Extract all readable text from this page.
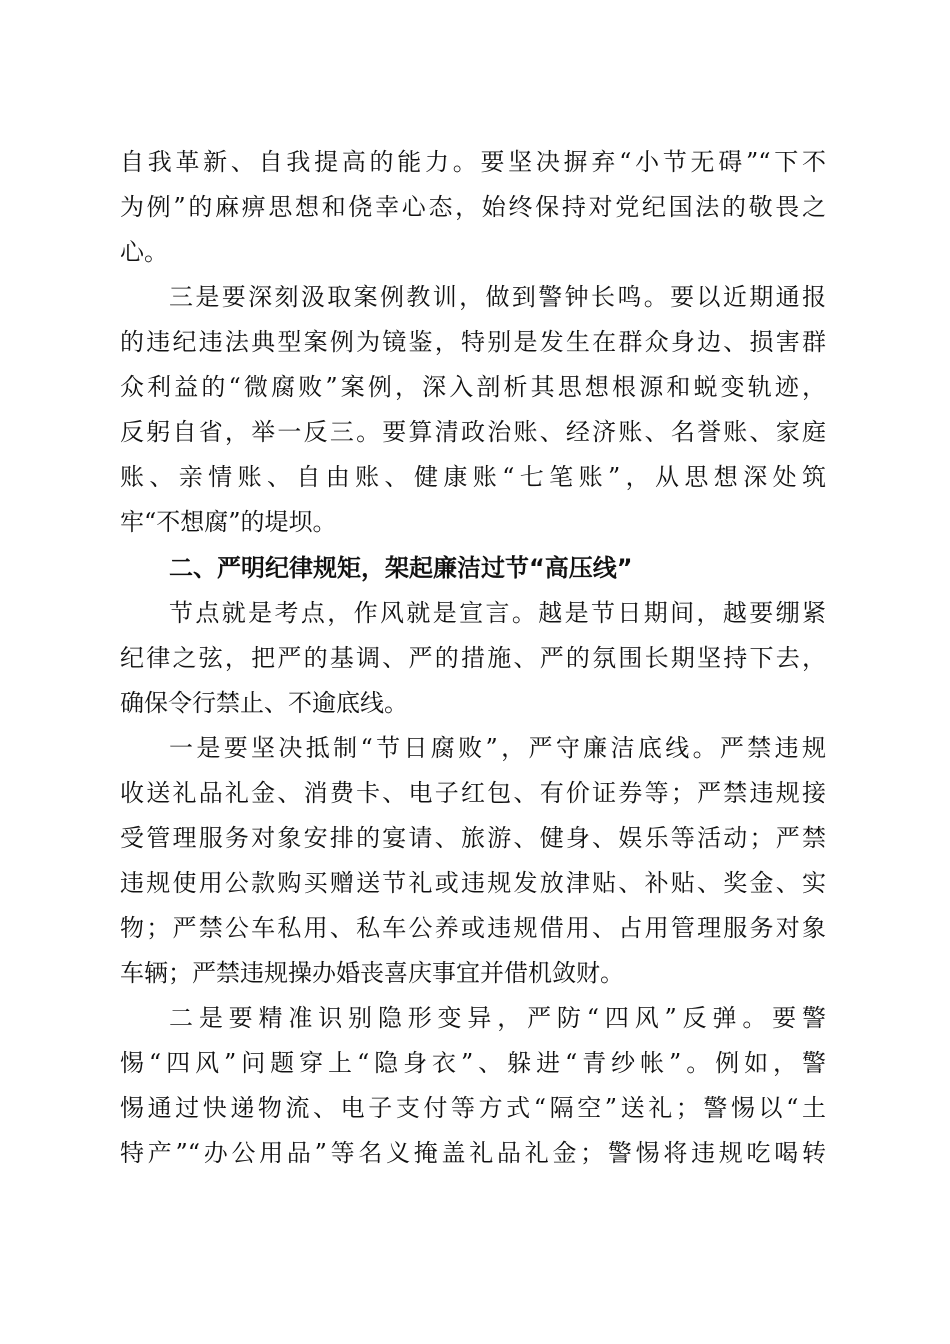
自我革新、自我提高的能力。要坚决摒弃“小节无碍”“下不

为例”的麻痹思想和侥幸心态，始终保持对党纪国法的敬畏之

心。

三是要深刻汲取案例教训，做到警钟长鸣。要以近期通报

的违纪违法典型案例为镜鉴，特别是发生在群众身边、损害群

众利益的“微腐败”案例，深入剖析其思想根源和蜕变轨迹，

反躬自省，举一反三。要算清政治账、经济账、名誉账、家庭

账、亲情账、自由账、健康账“七笔账”，从思想深处筑

牢“不想腐”的堤坝。

二、严明纪律规矩，架起廉洁过节“高压线”

节点就是考点，作风就是宣言。越是节日期间，越要绷紧

纪律之弦，把严的基调、严的措施、严的氛围长期坚持下去，

确保令行禁止、不逾底线。

一是要坚决抵制“节日腐败”，严守廉洁底线。严禁违规

收送礼品礼金、消费卡、电子红包、有价证券等；严禁违规接

受管理服务对象安排的宴请、旅游、健身、娱乐等活动；严禁

违规使用公款购买赠送节礼或违规发放津贴、补贴、奖金、实

物；严禁公车私用、私车公养或违规借用、占用管理服务对象

车辆；严禁违规操办婚丧喜庆事宜并借机敛财。

二是要精准识别隐形变异，严防“四风”反弹。要警

惕“四风”问题穿上“隐身衣”、躲进“青纱帐”。例如，警

惕通过快递物流、电子支付等方式“隔空”送礼；警惕以“土

特产”“办公用品”等名义掩盖礼品礼金；警惕将违规吃喝转
